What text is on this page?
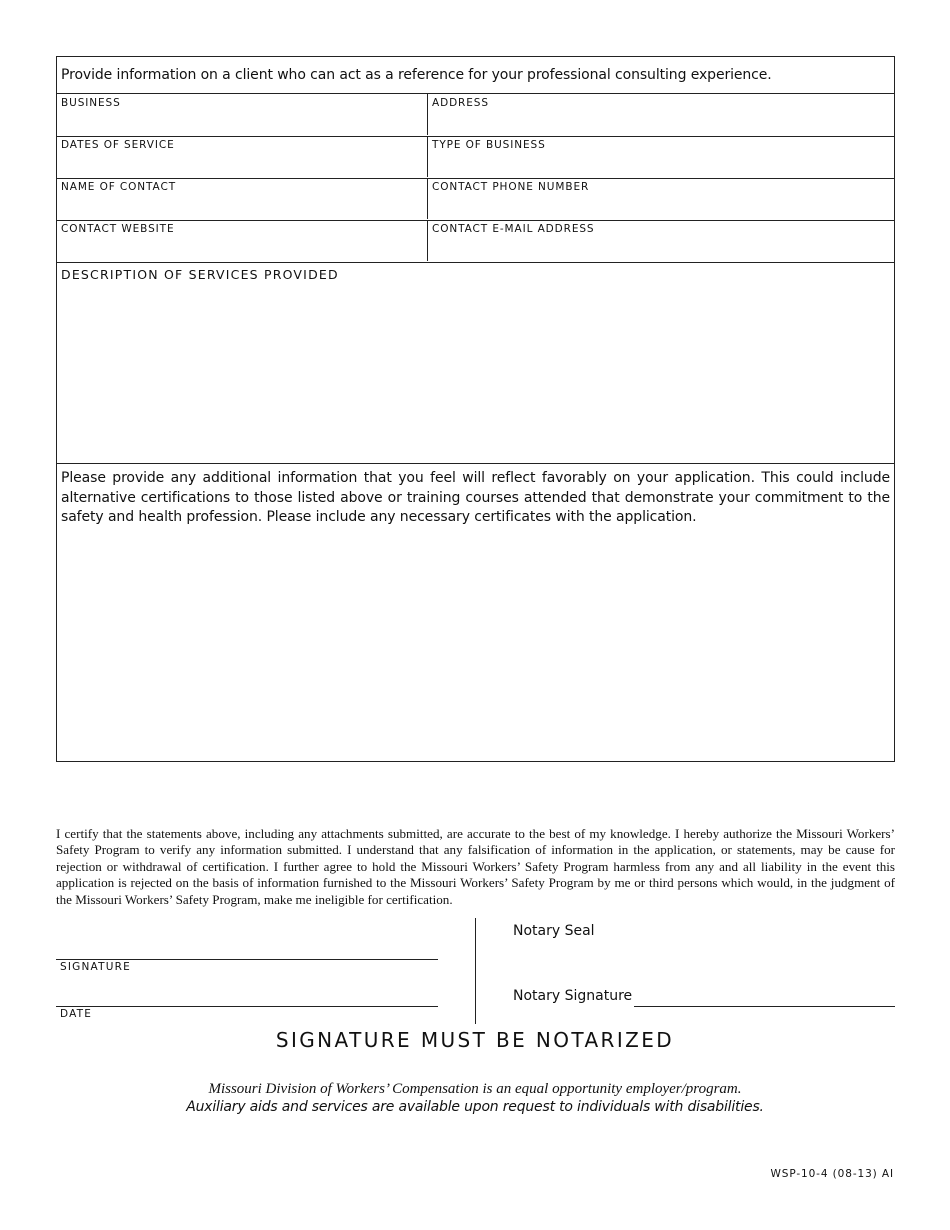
Provide information on a client who can act as a reference for your professional consulting experience.
BUSINESS	ADDRESS
DATES OF SERVICE	TYPE OF BUSINESS
NAME OF CONTACT	CONTACT PHONE NUMBER
CONTACT WEBSITE	CONTACT E-MAIL ADDRESS
DESCRIPTION OF SERVICES PROVIDED

Please provide any additional information that you feel will reflect favorably on your application. This could include alternative certifications to those listed above or training courses attended that demonstrate your commitment to the safety and health profession. Please include any necessary certificates with the application.

I certify that the statements above, including any attachments submitted, are accurate to the best of my knowledge. I hereby authorize the Missouri Workers’ Safety Program to verify any information submitted. I understand that any falsification of information in the application, or statements, may be cause for rejection or withdrawal of certification. I further agree to hold the Missouri Workers’ Safety Program harmless from any and all liability in the event this application is rejected on the basis of information furnished to the Missouri Workers’ Safety Program by me or third persons which would, in the judgment of the Missouri Workers’ Safety Program, make me ineligible for certification.
SIGNATURE
DATE
Notary Seal
Notary Signature
SIGNATURE MUST BE NOTARIZED
Missouri Division of Workers’ Compensation is an equal opportunity employer/program.
Auxiliary aids and services are available upon request to individuals with disabilities.
WSP-10-4 (08-13) AI
